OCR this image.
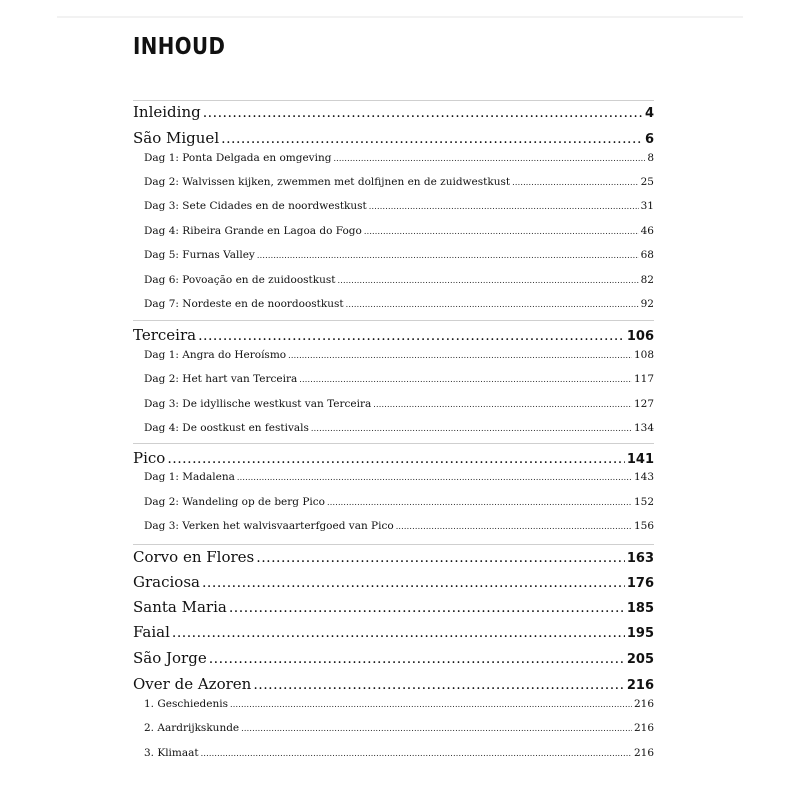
INHOUD
Inleiding .....	4
São Miguel .....	6
Dag 1: Ponta Delgada en omgeving .....	8
Dag 2: Walvissen kijken, zwemmen met dolfijnen en de zuidwestkust .....	25
Dag 3: Sete Cidades en de noordwestkust .....	31
Dag 4: Ribeira Grande en Lagoa do Fogo .....	46
Dag 5: Furnas Valley .....	68
Dag 6: Povoação en de zuidoostkust .....	82
Dag 7: Nordeste en de noordoostkust .....	92
Terceira .....	106
Dag 1: Angra do Heroísmo .....	108
Dag 2: Het hart van Terceira .....	117
Dag 3: De idyllische westkust van Terceira .....	127
Dag 4: De oostkust en festivals .....	134
Pico .....	141
Dag 1: Madalena .....	143
Dag 2: Wandeling op de berg Pico .....	152
Dag 3: Verken het walvisvaarterfgoed van Pico .....	156
Corvo en Flores .....	163
Graciosa .....	176
Santa Maria .....	185
Faial .....	195
São Jorge .....	205
Over de Azoren .....	216
1. Geschiedenis .....	216
2. Aardrijkskunde .....	216
3. Klimaat .....	216
